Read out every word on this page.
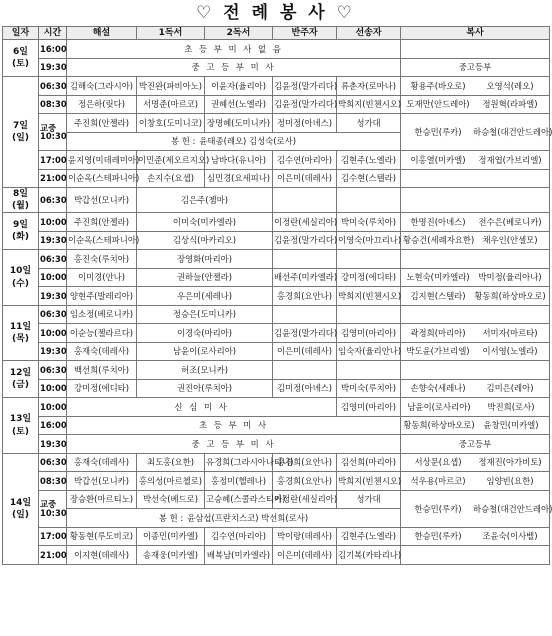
♡ 전 례 봉 사 ♡
일자	시간	해설	1독서	2독서	반주자	선송자	복사
6일
(토)	16:00	초 등 부 미 사 없 음					
	19:30	중 고 등 부 미 사					중고등부
7일
(일)	06:30	김해숙(그라시아)	박진완(파비아노)	이윤자(율리아)	김윤정(말가리다)	류춘자(로마나)	황용주(바오로) 오영석(레오)
	08:30	정은하(릿다)	서명준(마르코)	권혜선(노엘라)	김윤정(말가리다)	박희지(빈첸시오)	도재만(안드레아) 정원혁(라파엘)
	교중
10:30	주진희(안젤라)	이창호(도미니코)	장명혜(도미니카)	정미정(아녜스)	성가대	한승민(루카) 하승철(대건안드레아)
		봉 헌 : 윤태종(레오) 김성숙(로사)					
	17:00	윤지영(미데레미아)	이민준(제오르지오)	남바다(유니아)	김수연(마리아)	김현주(노엘라)	이홍열(미카엘) 정재엽(가브리엘)
	21:00	이순옥(스테파니아)	손지수(요셉)	심민경(요세피나)	이은미(데레사)	김수현(스텔라)	
8일
(월)	06:30	박갑선(모니카)	김은주(젬마)				
9일
(화)	10:00	주진희(안젤라)	이미숙(미카엘라)		이정란(세실리아)	박미숙(루치아)	한명진(아녜스) 전수은(베로니카)
	19:30	이순옥(스테파니아)	김상식(마카리오)		김윤정(말가리다)	이영숙(마끄리나)	황승건(세례자요한) 채우인(안셀모)
10일
(수)	06:30	홍진숙(루치아)	장영화(마리아)				
	10:00	이미경(안나)	권하늘(안젤라)		배선주(미카엘라)	강미정(에디타)	노현숙(미카엘라) 박미정(율리아나)
	19:30	양현주(발레리아)	우은미(세레나)		홍경희(요안나)	박희지(빈첸시오)	김지현(스텔라) 황동희(하상바오로)
11일
(목)	06:30	임소정(베로니카)	정승은(도미니카)				
	10:00	이순능(젤라르다)	이경숙(마리아)		김윤정(말가리다)	김영미(마리아)	곽정희(마리아) 서미자(마르타)
	19:30	홍재숙(데레사)	남윤이(로사리아)		이은미(데레사)	임숙자(율리안나)	박도윤(가브리엘) 이서영(노엘라)
12일
(금)	06:30	백선희(루치아)	허조(모니카)				
	10:00	강미정(에디타)	권진아(루치아)		김미정(아녜스)	박미숙(루치아)	손향숙(세레나) 김미은(레아)
13일
(토)	10:00	신 심 미 사				김영미(마리아)	남윤이(로사리아) 박진희(로사)
	16:00	초 등 부 미 사					황동희(하상바오로) 윤창민(미카엘)
	19:30	중 고 등 부 미 사					중고등부
14일
(일)	06:30	홍재숙(데레사)	최도홍(요한)	유경희(그라시아나티나)	홍경희(요안나)	김선희(마리아)	서상문(요셉) 정재진(아가비토)
	08:30	박갑선(모니카)	홍의성(마르첼로)	홍정미(헬레나)	홍경희(요안나)	박희지(빈첸시오)	석우용(마르코) 임양빈(요한)
	교중
10:30	장승환(마르티노)	박선숙(베드로)	고승혜(스콜라스티카)	이정란(세실리아)	성가대	한승민(루카) 하승철(대건안드레아)
		봉 헌 : 윤삼섭(프란치스코) 박선희(로사)					
	17:00	황동현(루도비코)	이종민(미카엘)	김수연(마리아)	박이랑(데레사)	김현주(노엘라)	한승민(루카) 조윤숙(이사벨)
	21:00	이지현(데레사)	송재웅(미카엘)	배복남(미카엘라)	이은미(데레사)	김기복(카타리나)	
